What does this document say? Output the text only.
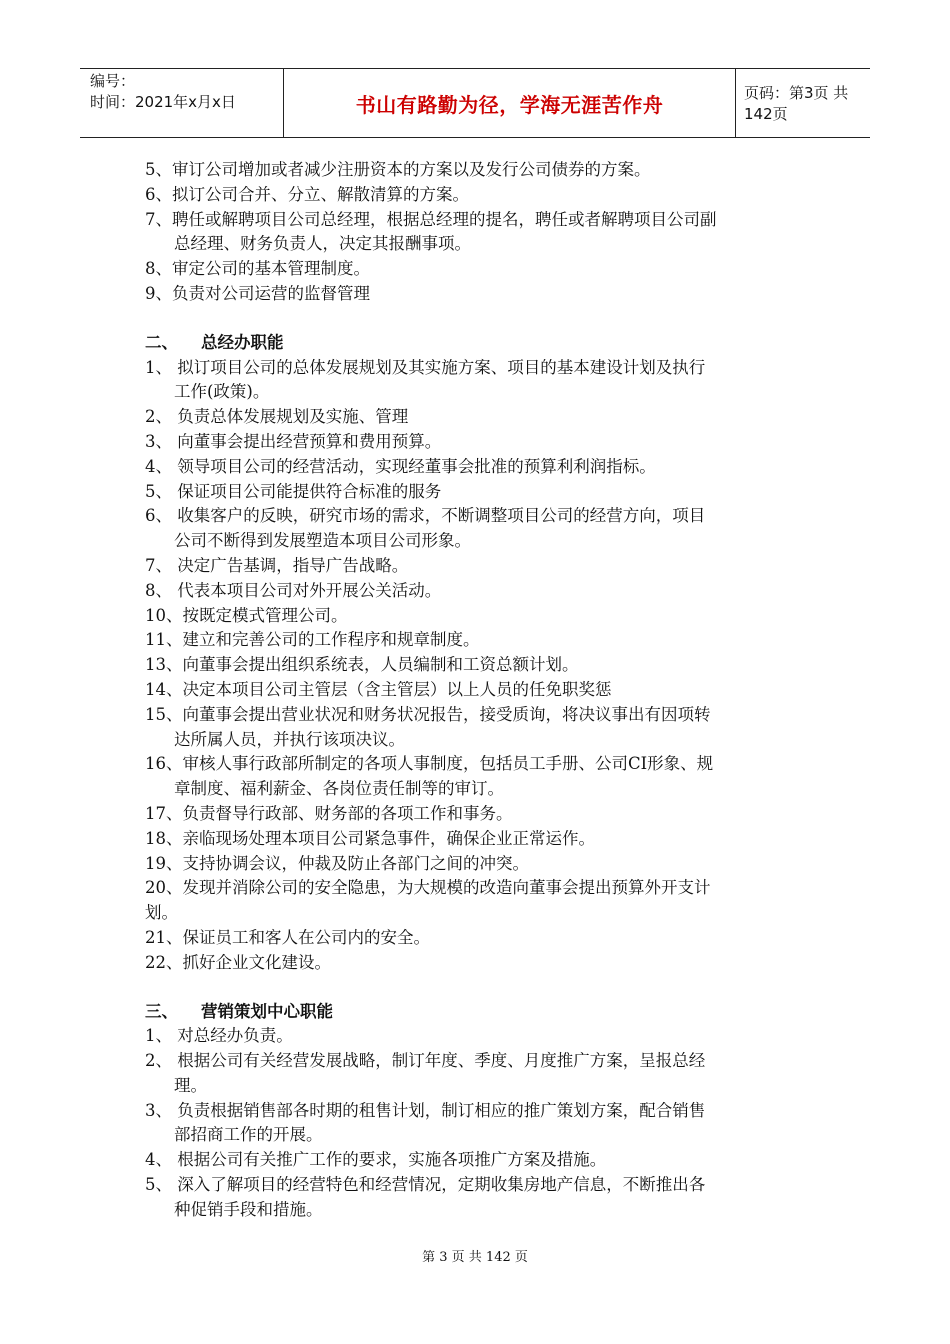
编号：
时间：2021年x月x日	书山有路勤为径，学海无涯苦作舟	页码：第3页 共142页
5、审订公司增加或者减少注册资本的方案以及发行公司债券的方案。
6、拟订公司合并、分立、解散清算的方案。
7、聘任或解聘项目公司总经理，根据总经理的提名，聘任或者解聘项目公司副
总经理、财务负责人，决定其报酬事项。
8、审定公司的基本管理制度。
9、负责对公司运营的监督管理
二、    总经办职能
1、 拟订项目公司的总体发展规划及其实施方案、项目的基本建设计划及执行
工作(政策)。
2、 负责总体发展规划及实施、管理
3、 向董事会提出经营预算和费用预算。
4、 领导项目公司的经营活动，实现经董事会批准的预算利利润指标。
5、 保证项目公司能提供符合标准的服务
6、 收集客户的反映，研究市场的需求，不断调整项目公司的经营方向，项目
公司不断得到发展塑造本项目公司形象。
7、 决定广告基调，指导广告战略。
8、 代表本项目公司对外开展公关活动。
10、按既定模式管理公司。
11、建立和完善公司的工作程序和规章制度。
13、向董事会提出组织系统表，人员编制和工资总额计划。
14、决定本项目公司主管层（含主管层）以上人员的任免职奖惩
15、向董事会提出营业状况和财务状况报告，接受质询，将决议事出有因项转
达所属人员，并执行该项决议。
16、审核人事行政部所制定的各项人事制度，包括员工手册、公司CI形象、规
章制度、福利薪金、各岗位责任制等的审订。
17、负责督导行政部、财务部的各项工作和事务。
18、亲临现场处理本项目公司紧急事件，确保企业正常运作。
19、支持协调会议，仲裁及防止各部门之间的冲突。
20、发现并消除公司的安全隐患，为大规模的改造向董事会提出预算外开支计
划。
21、保证员工和客人在公司内的安全。
22、抓好企业文化建设。
三、    营销策划中心职能
1、 对总经办负责。
2、 根据公司有关经营发展战略，制订年度、季度、月度推广方案，呈报总经
理。
3、 负责根据销售部各时期的租售计划，制订相应的推广策划方案，配合销售
部招商工作的开展。
4、 根据公司有关推广工作的要求，实施各项推广方案及措施。
5、 深入了解项目的经营特色和经营情况，定期收集房地产信息，不断推出各
种促销手段和措施。
第 3 页 共 142 页
